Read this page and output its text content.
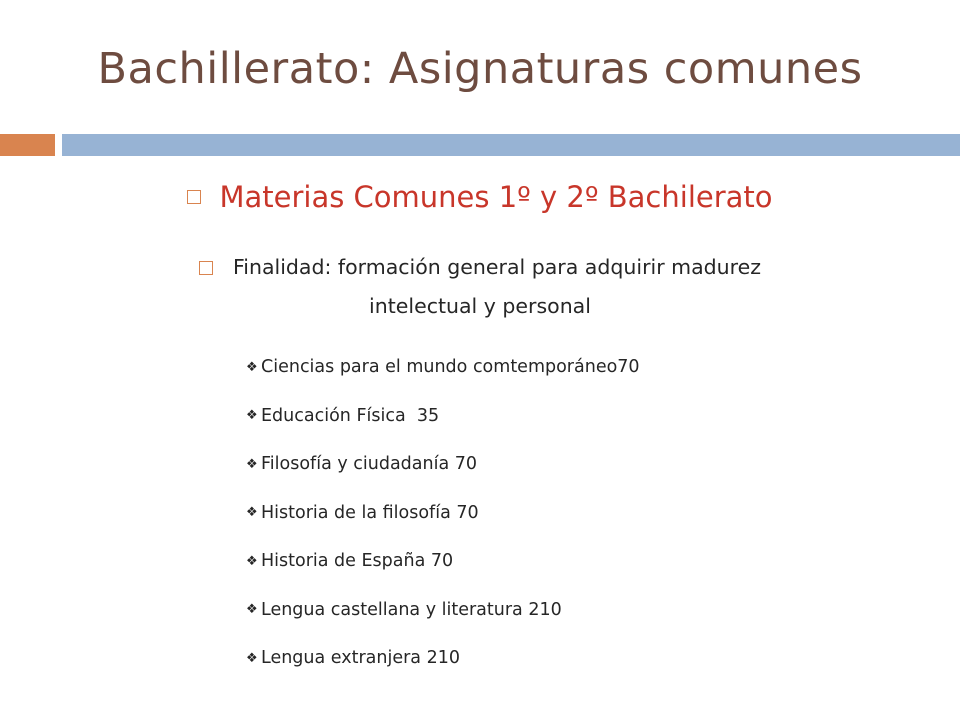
Bachillerato: Asignaturas comunes
Materias Comunes 1º y 2º Bachilerato
Finalidad: formación general para adquirir madurez
intelectual y personal
❖ Ciencias para el mundo comtemporáneo70
❖ Educación Física  35
❖ Filosofía y ciudadanía 70
❖ Historia de la filosofía 70
❖ Historia de España 70
❖ Lengua castellana y literatura 210
❖ Lengua extranjera 210
